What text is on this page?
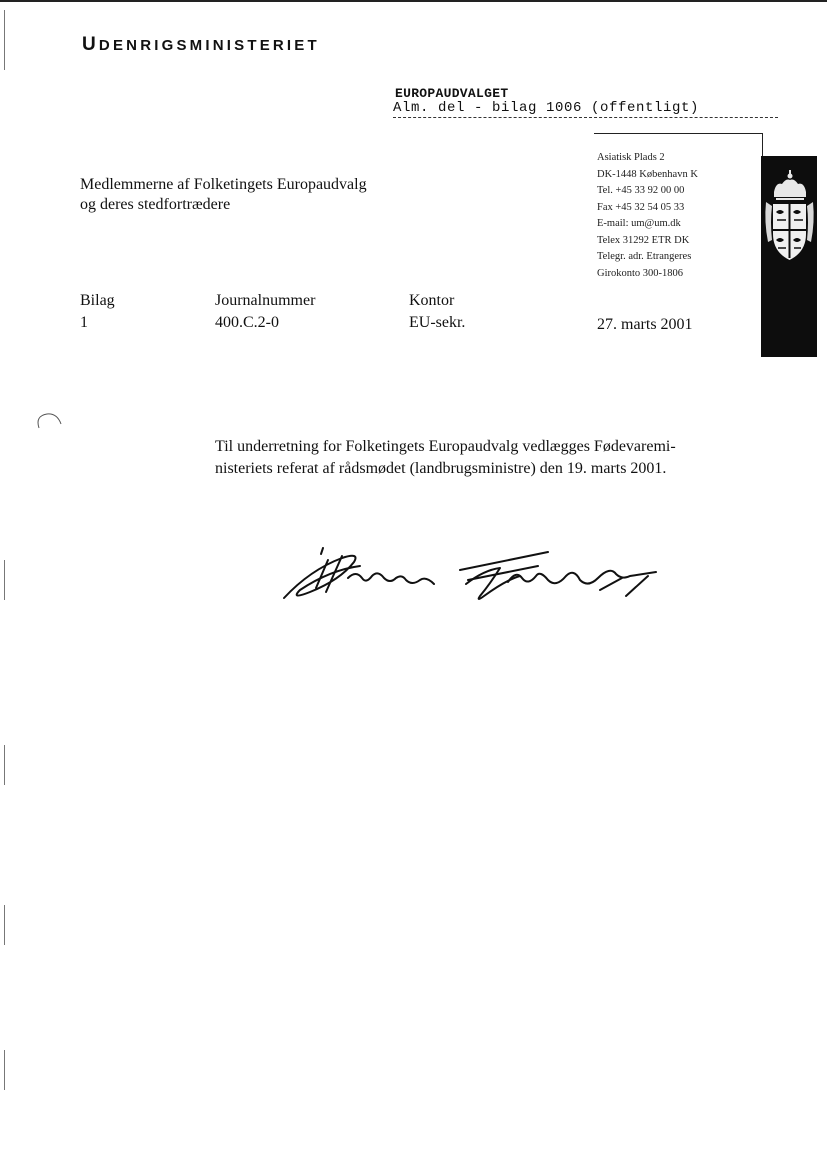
UDENRIGSMINISTERIET
EUROPAUDVALGET
Alm. del - bilag 1006 (offentligt)
Medlemmerne af Folketingets Europaudvalg
og deres stedfortrædere
Asiatisk Plads 2
DK-1448 København K
Tel. +45 33 92 00 00
Fax +45 32 54 05 33
E-mail: um@um.dk
Telex 31292 ETR DK
Telegr. adr. Etrangeres
Girokonto 300-1806
Bilag
1
Journalnummer
400.C.2-0
Kontor
EU-sekr.	27. marts 2001
Til underretning for Folketingets Europaudvalg vedlægges Fødevaremi-
nisteriets referat af rådsmødet (landbrugsministre) den 19. marts 2001.
